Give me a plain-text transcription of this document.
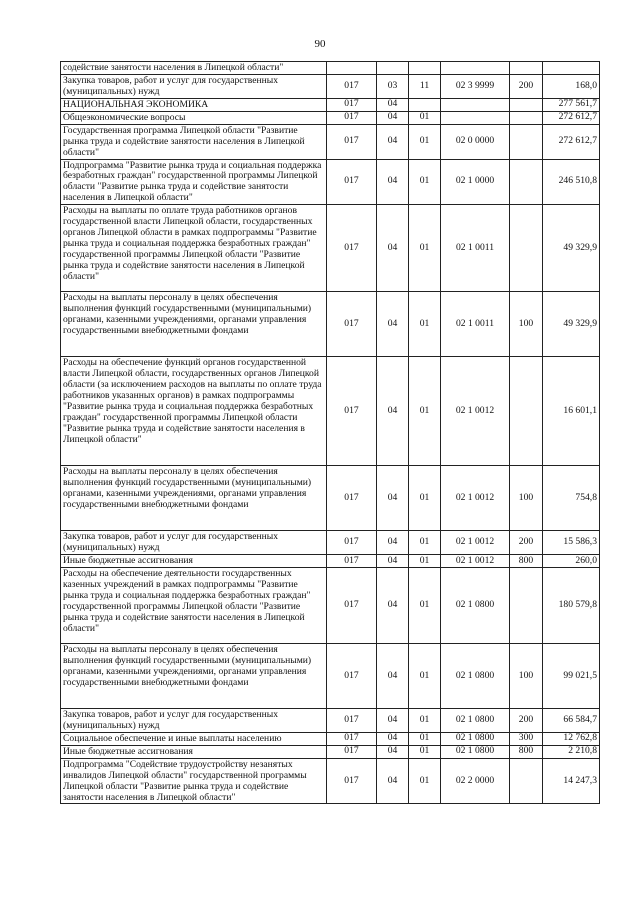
90
содействие занятости населения в Липецкой области"						
Закупка товаров, работ и услуг для государственных (муниципальных) нужд	017	03	11	02 3 9999	200	168,0
НАЦИОНАЛЬНАЯ ЭКОНОМИКА	017	04				277 561,7
Общеэкономические вопросы	017	04	01			272 612,7
Государственная программа Липецкой области "Развитие рынка труда и содействие занятости населения в Липецкой области"	017	04	01	02 0 0000		272 612,7
Подпрограмма "Развитие рынка труда и социальная поддержка безработных граждан" государственной программы Липецкой области "Развитие рынка труда и содействие занятости населения в Липецкой области"	017	04	01	02 1 0000		246 510,8
Расходы на выплаты по оплате труда работников органов государственной власти Липецкой области, государственных органов Липецкой области в рамках подпрограммы "Развитие рынка труда и социальная поддержка безработных граждан" государственной программы Липецкой области "Развитие рынка труда и содействие занятости населения в Липецкой области"	017	04	01	02 1 0011		49 329,9
Расходы на выплаты персоналу в целях обеспечения выполнения функций государственными (муниципальными) органами, казенными учреждениями, органами управления государственными внебюджетными фондами	017	04	01	02 1 0011	100	49 329,9
Расходы на обеспечение функций органов государственной власти Липецкой области, государственных органов Липецкой области (за исключением расходов на выплаты по оплате труда работников указанных органов) в рамках подпрограммы "Развитие рынка труда и социальная поддержка безработных граждан" государственной программы Липецкой области "Развитие рынка труда и содействие занятости населения в Липецкой области"	017	04	01	02 1 0012		16 601,1
Расходы на выплаты персоналу в целях обеспечения выполнения функций государственными (муниципальными) органами, казенными учреждениями, органами управления государственными внебюджетными фондами	017	04	01	02 1 0012	100	754,8
Закупка товаров, работ и услуг для государственных (муниципальных) нужд	017	04	01	02 1 0012	200	15 586,3
Иные бюджетные ассигнования	017	04	01	02 1 0012	800	260,0
Расходы на обеспечение деятельности государственных казенных учреждений в рамках подпрограммы "Развитие рынка труда и социальная поддержка безработных граждан" государственной программы Липецкой области "Развитие рынка труда и содействие занятости населения в Липецкой области"	017	04	01	02 1 0800		180 579,8
Расходы на выплаты персоналу в целях обеспечения выполнения функций государственными (муниципальными) органами, казенными учреждениями, органами управления государственными внебюджетными фондами	017	04	01	02 1 0800	100	99 021,5
Закупка товаров, работ и услуг для государственных (муниципальных) нужд	017	04	01	02 1 0800	200	66 584,7
Социальное обеспечение и иные выплаты населению	017	04	01	02 1 0800	300	12 762,8
Иные бюджетные ассигнования	017	04	01	02 1 0800	800	2 210,8
Подпрограмма "Содействие трудоустройству незанятых инвалидов Липецкой области" государственной программы Липецкой области "Развитие рынка труда и содействие занятости населения в Липецкой области"	017	04	01	02 2 0000		14 247,3
